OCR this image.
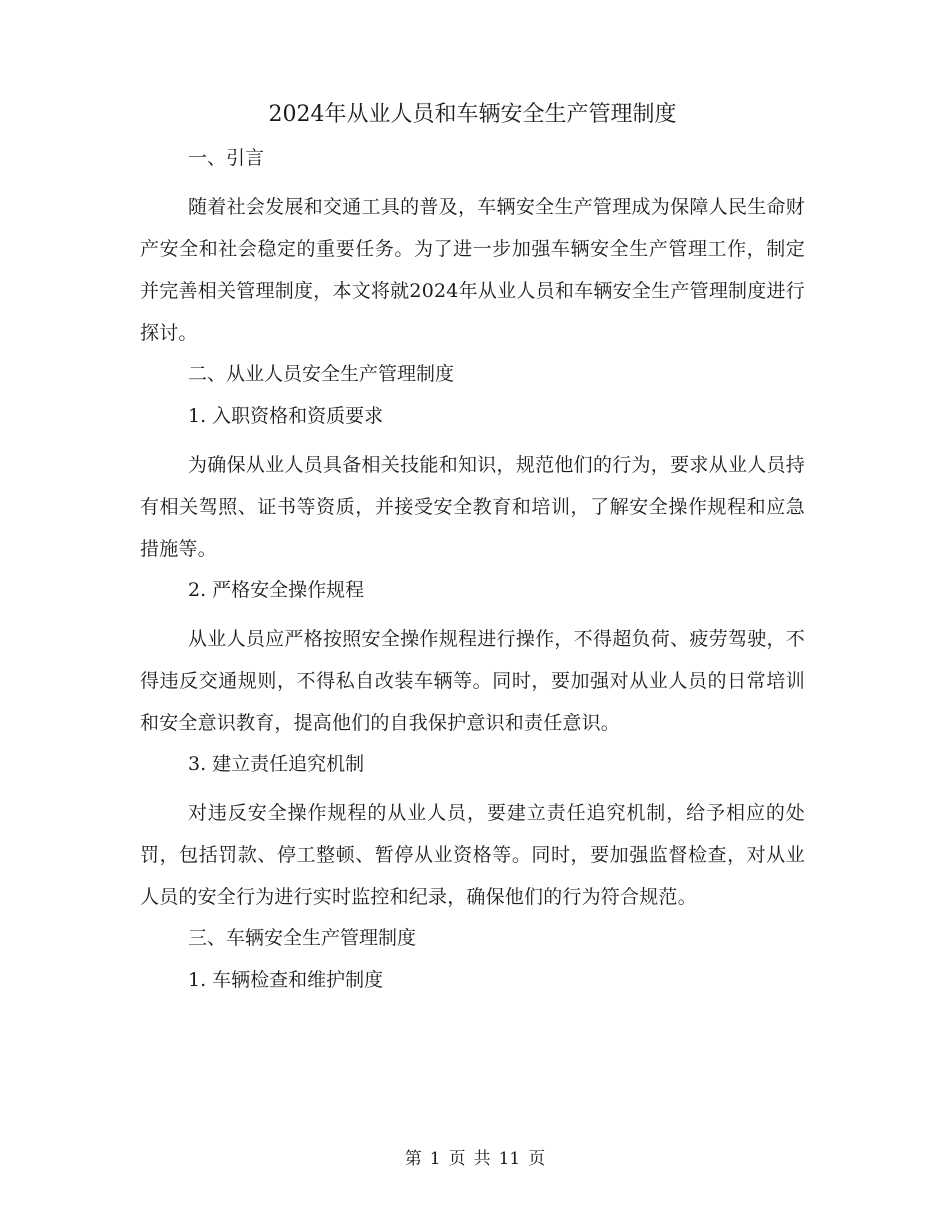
2024年从业人员和车辆安全生产管理制度
一、引言
随着社会发展和交通工具的普及，车辆安全生产管理成为保障人民生命财产安全和社会稳定的重要任务。为了进一步加强车辆安全生产管理工作，制定并完善相关管理制度，本文将就2024年从业人员和车辆安全生产管理制度进行探讨。
二、从业人员安全生产管理制度
1. 入职资格和资质要求
为确保从业人员具备相关技能和知识，规范他们的行为，要求从业人员持有相关驾照、证书等资质，并接受安全教育和培训，了解安全操作规程和应急措施等。
2. 严格安全操作规程
从业人员应严格按照安全操作规程进行操作，不得超负荷、疲劳驾驶，不得违反交通规则，不得私自改装车辆等。同时，要加强对从业人员的日常培训和安全意识教育，提高他们的自我保护意识和责任意识。
3. 建立责任追究机制
对违反安全操作规程的从业人员，要建立责任追究机制，给予相应的处罚，包括罚款、停工整顿、暂停从业资格等。同时，要加强监督检查，对从业人员的安全行为进行实时监控和纪录，确保他们的行为符合规范。
三、车辆安全生产管理制度
1. 车辆检查和维护制度
第 1 页 共 11 页
